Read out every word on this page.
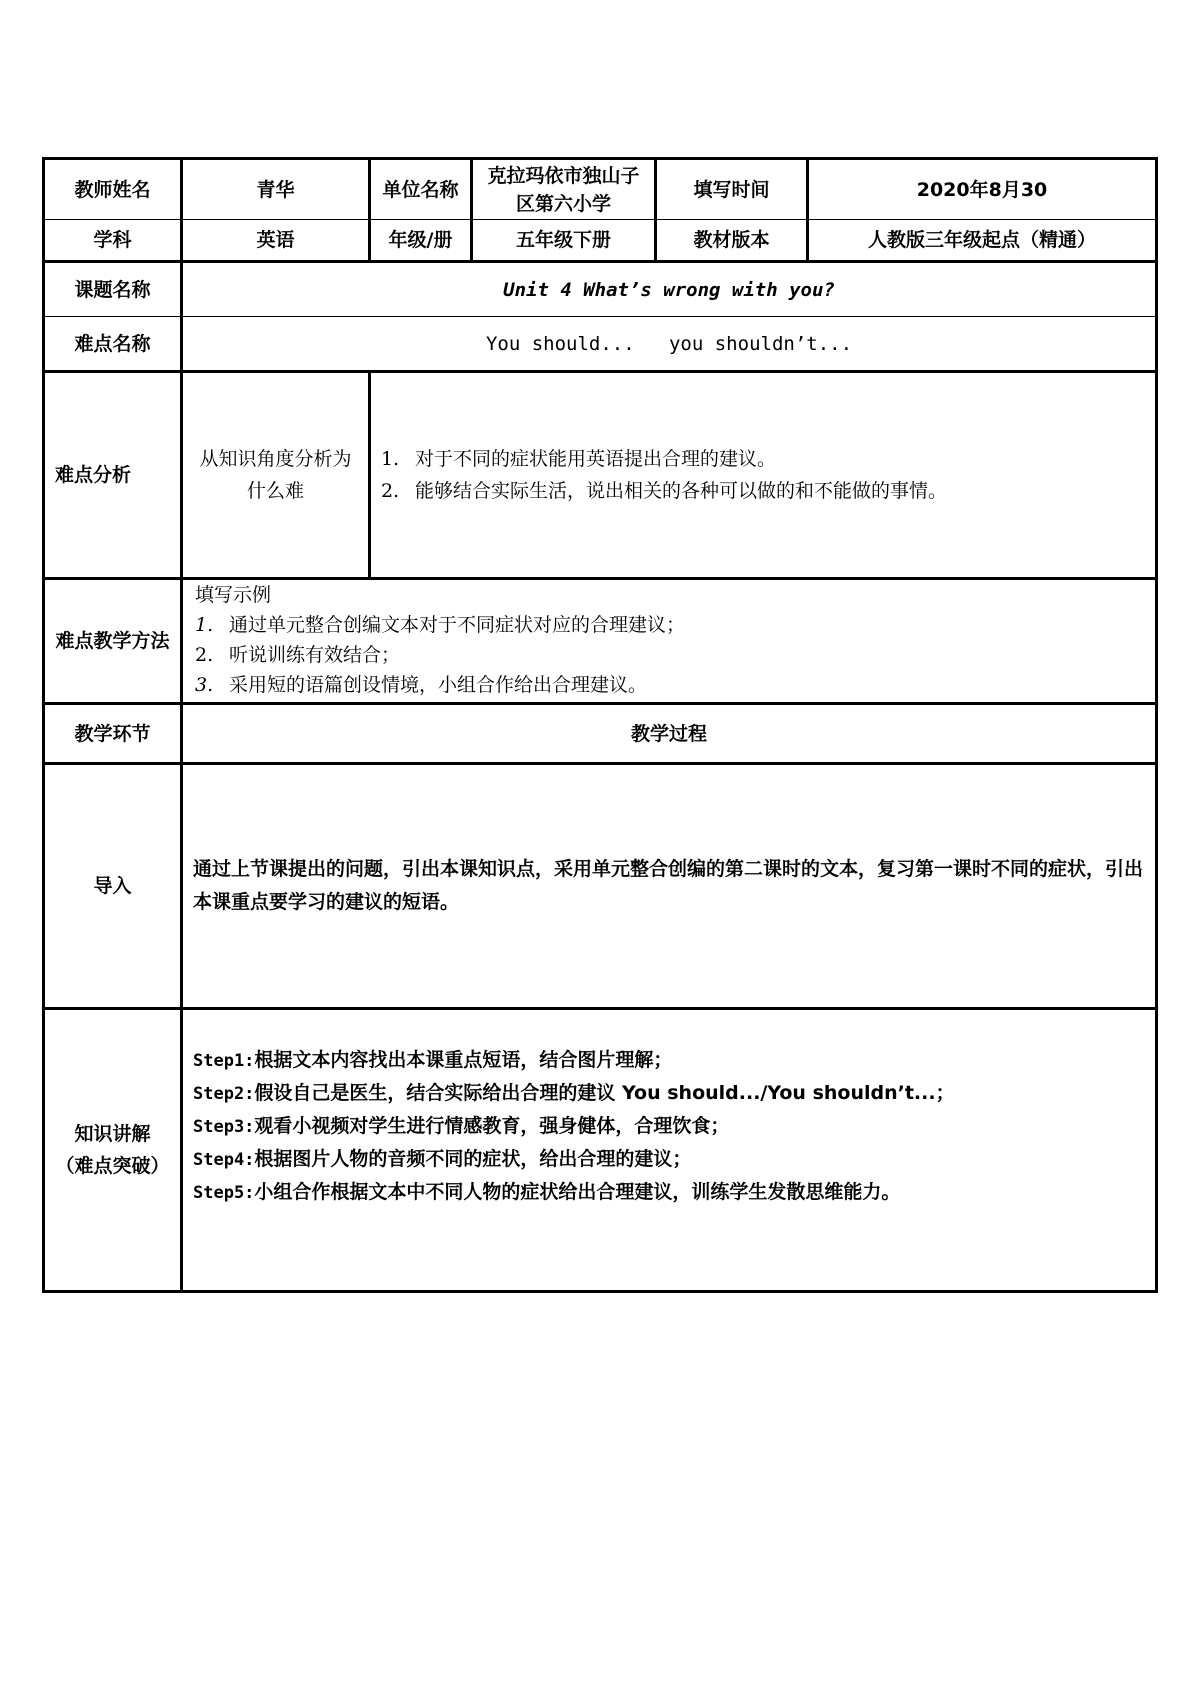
教师姓名	青华	单位名称	克拉玛依市独山子区第六小学	填写时间	2020年8月30
学科	英语	年级/册	五年级下册	教材版本	人教版三年级起点（精通）
课题名称	Unit 4 What’s wrong with you?				
难点名称	You should...   you shouldn’t...				
难点分析	从知识角度分析为什么难	1. 对于不同的症状能用英语提出合理的建议。
2. 能够结合实际生活，说出相关的各种可以做的和不能做的事情。			

难点教学方法	填写示例
1. 通过单元整合创编文本对于不同症状对应的合理建议；
2. 听说训练有效结合；
3. 采用短的语篇创设情境，小组合作给出合理建议。				

教学环节	教学过程				
导入	通过上节课提出的问题，引出本课知识点，采用单元整合创编的第二课时的文本，复习第一课时不同的症状，引出本课重点要学习的建议的短语。				

知识讲解
（难点突破）	Step1:根据文本内容找出本课重点短语，结合图片理解；
Step2:假设自己是医生，结合实际给出合理的建议 You should.../You shouldn’t...；
Step3:观看小视频对学生进行情感教育，强身健体，合理饮食；
Step4:根据图片人物的音频不同的症状，给出合理的建议；
Step5:小组合作根据文本中不同人物的症状给出合理建议，训练学生发散思维能力。				
